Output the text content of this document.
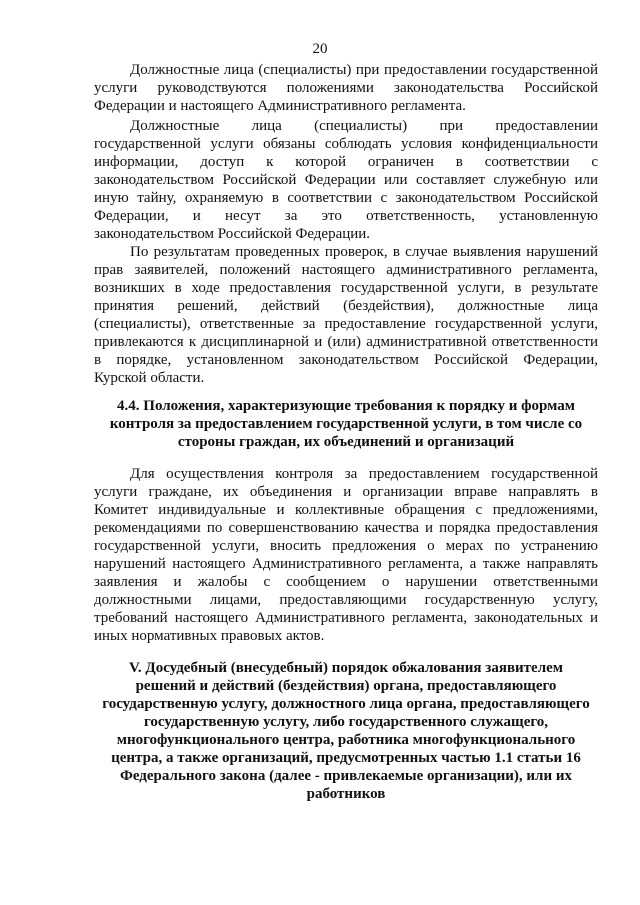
20
Должностные лица (специалисты) при предоставлении государственной
услуги руководствуются положениями законодательства Российской
Федерации и настоящего Административного регламента.
Должностные лица (специалисты) при предоставлении
государственной услуги обязаны соблюдать условия конфиденциальности
информации, доступ к которой ограничен в соответствии с
законодательством Российской Федерации или составляет служебную или
иную тайну, охраняемую в соответствии с законодательством Российской
Федерации, и несут за это ответственность, установленную
законодательством Российской Федерации.
По результатам проведенных проверок, в случае выявления нарушений
прав заявителей, положений настоящего административного регламента,
возникших в ходе предоставления государственной услуги, в результате
принятия решений, действий (бездействия), должностные лица
(специалисты), ответственные за предоставление государственной услуги,
привлекаются к дисциплинарной и (или) административной ответственности
в порядке, установленном законодательством Российской Федерации,
Курской области.
4.4. Положения, характеризующие требования к порядку и формам
контроля за предоставлением государственной услуги, в том числе со
стороны граждан, их объединений и организаций
Для осуществления контроля за предоставлением государственной
услуги граждане, их объединения и организации вправе направлять в
Комитет индивидуальные и коллективные обращения с предложениями,
рекомендациями по совершенствованию качества и порядка предоставления
государственной услуги, вносить предложения о мерах по устранению
нарушений настоящего Административного регламента, а также направлять
заявления и жалобы с сообщением о нарушении ответственными
должностными лицами, предоставляющими государственную услугу,
требований настоящего Административного регламента, законодательных и
иных нормативных правовых актов.
V. Досудебный (внесудебный) порядок обжалования заявителем
решений и действий (бездействия) органа, предоставляющего
государственную услугу, должностного лица органа, предоставляющего
государственную услугу, либо государственного служащего,
многофункционального центра, работника многофункционального
центра, а также организаций, предусмотренных частью 1.1 статьи 16
Федерального закона (далее - привлекаемые организации), или их
работников
